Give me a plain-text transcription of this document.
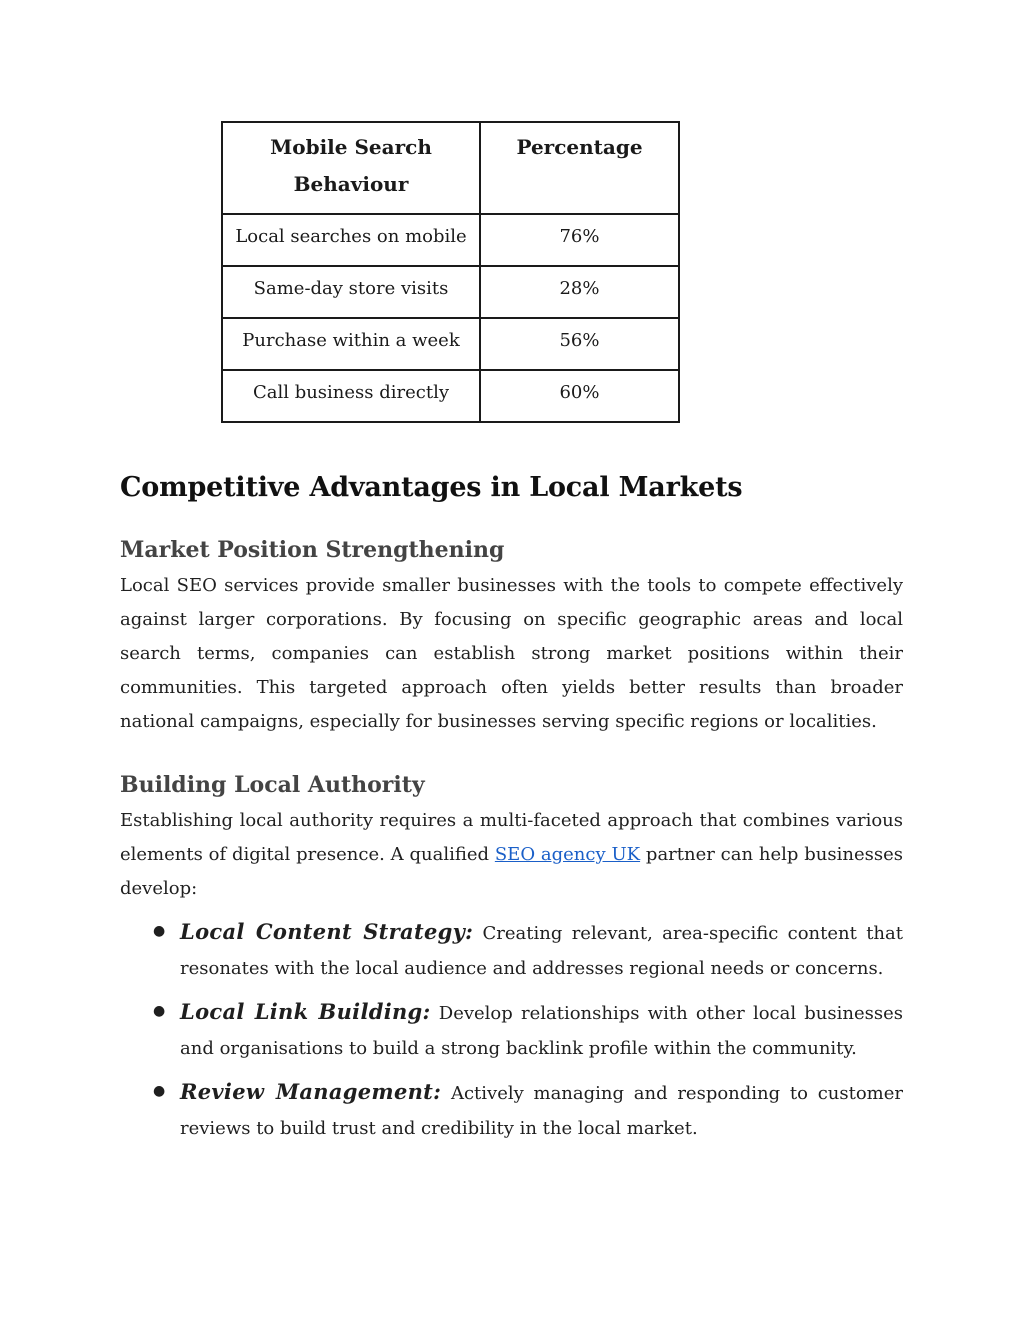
Mobile Search Behaviour	Percentage
Local searches on mobile	76%
Same-day store visits	28%
Purchase within a week	56%
Call business directly	60%
Competitive Advantages in Local Markets
Market Position Strengthening

Local SEO services provide smaller businesses with the tools to compete effectively against larger corporations. By focusing on specific geographic areas and local search terms, companies can establish strong market positions within their communities. This targeted approach often yields better results than broader national campaigns, especially for businesses serving specific regions or localities.

Building Local Authority

Establishing local authority requires a multi-faceted approach that combines various elements of digital presence. A qualified SEO agency UK partner can help businesses develop:

● Local Content Strategy: Creating relevant, area-specific content that resonates with the local audience and addresses regional needs or concerns.
● Local Link Building: Develop relationships with other local businesses and organisations to build a strong backlink profile within the community.
● Review Management: Actively managing and responding to customer reviews to build trust and credibility in the local market.
